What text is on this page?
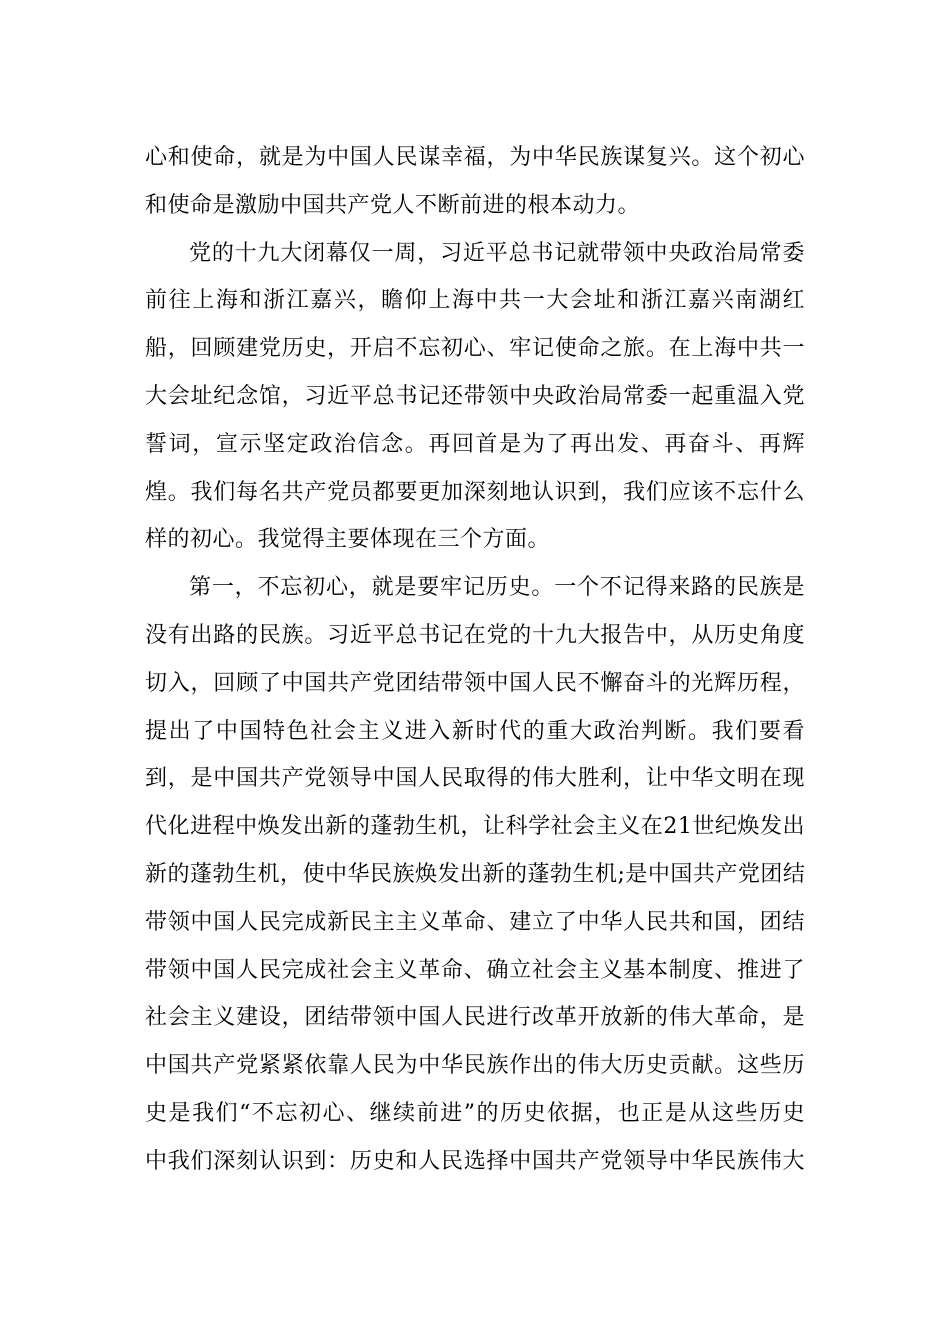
心和使命，就是为中国人民谋幸福，为中华民族谋复兴。这个初心
和使命是激励中国共产党人不断前进的根本动力。
党的十九大闭幕仅一周，习近平总书记就带领中央政治局常委
前往上海和浙江嘉兴，瞻仰上海中共一大会址和浙江嘉兴南湖红
船，回顾建党历史，开启不忘初心、牢记使命之旅。在上海中共一
大会址纪念馆，习近平总书记还带领中央政治局常委一起重温入党
誓词，宣示坚定政治信念。再回首是为了再出发、再奋斗、再辉
煌。我们每名共产党员都要更加深刻地认识到，我们应该不忘什么
样的初心。我觉得主要体现在三个方面。
第一，不忘初心，就是要牢记历史。一个不记得来路的民族是
没有出路的民族。习近平总书记在党的十九大报告中，从历史角度
切入，回顾了中国共产党团结带领中国人民不懈奋斗的光辉历程，
提出了中国特色社会主义进入新时代的重大政治判断。我们要看
到，是中国共产党领导中国人民取得的伟大胜利，让中华文明在现
代化进程中焕发出新的蓬勃生机，让科学社会主义在21世纪焕发出
新的蓬勃生机，使中华民族焕发出新的蓬勃生机;是中国共产党团结
带领中国人民完成新民主主义革命、建立了中华人民共和国，团结
带领中国人民完成社会主义革命、确立社会主义基本制度、推进了
社会主义建设，团结带领中国人民进行改革开放新的伟大革命，是
中国共产党紧紧依靠人民为中华民族作出的伟大历史贡献。这些历
史是我们“不忘初心、继续前进”的历史依据，也正是从这些历史
中我们深刻认识到：历史和人民选择中国共产党领导中华民族伟大
